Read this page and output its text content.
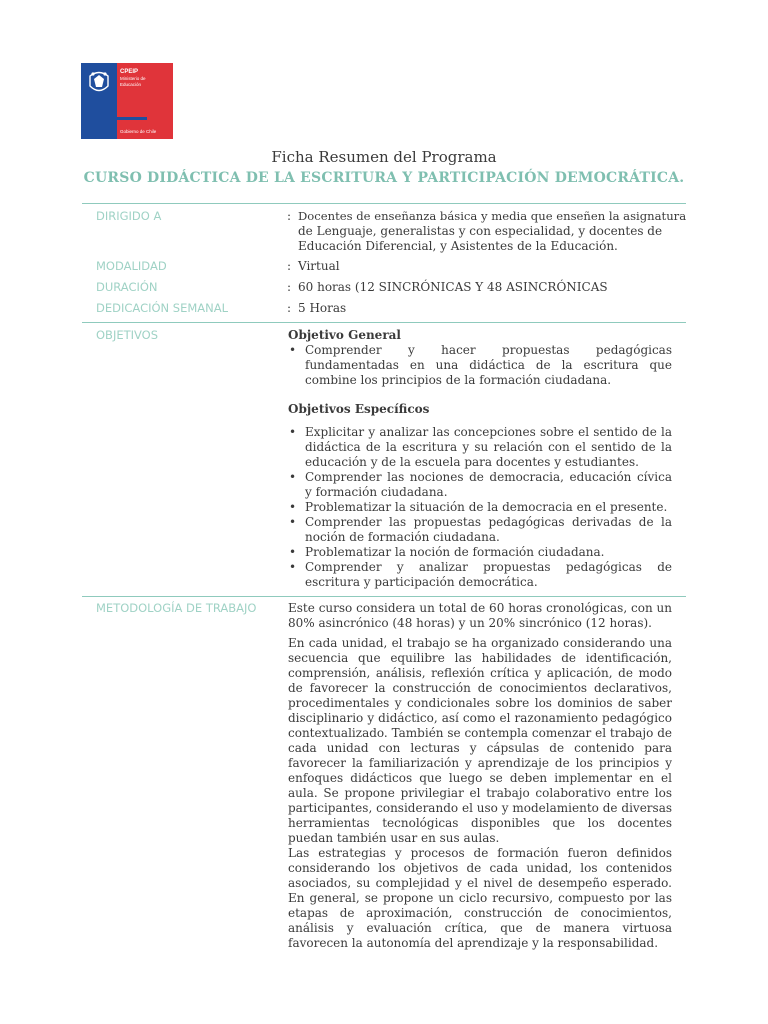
CPEIP
Ministerio de
Educación
Gobierno de Chile
Ficha Resumen del Programa
CURSO DIDÁCTICA DE LA ESCRITURA Y PARTICIPACIÓN DEMOCRÁTICA.
DIRIGIDO A	: Docentes de enseñanza básica y media que enseñen la asignatura
de Lenguaje, generalistas y con especialidad, y docentes de
Educación Diferencial, y Asistentes de la Educación.
MODALIDAD	: Virtual
DURACIÓN	: 60 horas (12 SINCRÓNICAS Y 48 ASINCRÓNICAS
DEDICACIÓN SEMANAL	: 5 Horas
OBJETIVOS	Objetivo General
• Comprender y hacer propuestas pedagógicas fundamentadas en una didáctica de la escritura que combine los principios de la formación ciudadana.
Objetivos Específicos
• Explicitar y analizar las concepciones sobre el sentido de la didáctica de la escritura y su relación con el sentido de la educación y de la escuela para docentes y estudiantes.
• Comprender las nociones de democracia, educación cívica y formación ciudadana.
• Problematizar la situación de la democracia en el presente.
• Comprender las propuestas pedagógicas derivadas de la noción de formación ciudadana.
• Problematizar la noción de formación ciudadana.
• Comprender y analizar propuestas pedagógicas de escritura y participación democrática.
METODOLOGÍA DE TRABAJO	Este curso considera un total de 60 horas cronológicas, con un 80% asincrónico (48 horas) y un 20% sincrónico (12 horas).

En cada unidad, el trabajo se ha organizado considerando una secuencia que equilibre las habilidades de identificación, comprensión, análisis, reflexión crítica y aplicación, de modo de favorecer la construcción de conocimientos declarativos, procedimentales y condicionales sobre los dominios de saber disciplinario y didáctico, así como el razonamiento pedagógico contextualizado. También se contempla comenzar el trabajo de cada unidad con lecturas y cápsulas de contenido para favorecer la familiarización y aprendizaje de los principios y enfoques didácticos que luego se deben implementar en el aula. Se propone privilegiar el trabajo colaborativo entre los participantes, considerando el uso y modelamiento de diversas herramientas tecnológicas disponibles que los docentes puedan también usar en sus aulas.

Las estrategias y procesos de formación fueron definidos considerando los objetivos de cada unidad, los contenidos asociados, su complejidad y el nivel de desempeño esperado. En general, se propone un ciclo recursivo, compuesto por las etapas de aproximación, construcción de conocimientos, análisis y evaluación crítica, que de manera virtuosa favorecen la autonomía del aprendizaje y la responsabilidad.
